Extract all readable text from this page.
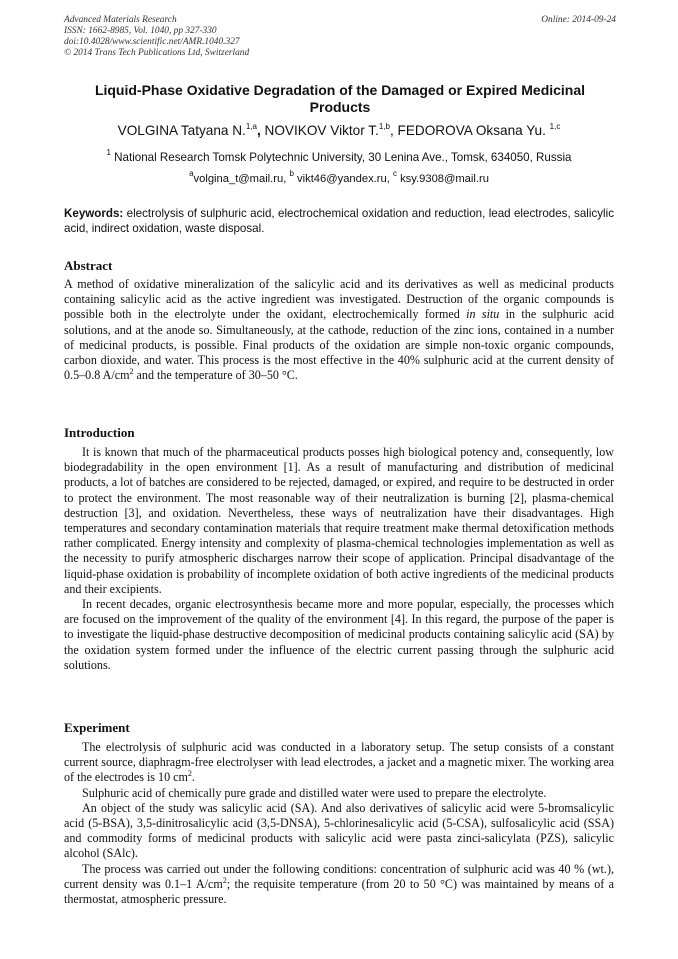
Advanced Materials Research
ISSN: 1662-8985, Vol. 1040, pp 327-330
doi:10.4028/www.scientific.net/AMR.1040.327
© 2014 Trans Tech Publications Ltd, Switzerland
Online: 2014-09-24
Liquid-Phase Oxidative Degradation of the Damaged or Expired Medicinal Products
VOLGINA Tatyana N.$^{1,a}$, NOVIKOV Viktor T.$^{1,b}$, FEDOROVA Oksana Yu. $^{1,c}$
$^1$ National Research Tomsk Polytechnic University, 30 Lenina Ave., Tomsk, 634050, Russia
$^a$volgina_t@mail.ru, $^b$ vikt46@yandex.ru, $^c$ ksy.9308@mail.ru
Keywords: electrolysis of sulphuric acid, electrochemical oxidation and reduction, lead electrodes, salicylic acid, indirect oxidation, waste disposal.
Abstract

A method of oxidative mineralization of the salicylic acid and its derivatives as well as medicinal products containing salicylic acid as the active ingredient was investigated. Destruction of the organic compounds is possible both in the electrolyte under the oxidant, electrochemically formed in situ in the sulphuric acid solutions, and at the anode so. Simultaneously, at the cathode, reduction of the zinc ions, contained in a number of medicinal products, is possible. Final products of the oxidation are simple non-toxic organic compounds, carbon dioxide, and water. This process is the most effective in the 40% sulphuric acid at the current density of 0.5–0.8 $A/cm^2$ and the temperature of 30–50 °C.

Introduction

It is known that much of the pharmaceutical products posses high biological potency and, consequently, low biodegradability in the open environment [1]. As a result of manufacturing and distribution of medicinal products, a lot of batches are considered to be rejected, damaged, or expired, and require to be destructed in order to protect the environment. The most reasonable way of their neutralization is burning [2], plasma-chemical destruction [3], and oxidation. Nevertheless, these ways of neutralization have their disadvantages. High temperatures and secondary contamination materials that require treatment make thermal detoxification methods rather complicated. Energy intensity and complexity of plasma-chemical technologies implementation as well as the necessity to purify atmospheric discharges narrow their scope of application. Principal disadvantage of the liquid-phase oxidation is probability of incomplete oxidation of both active ingredients of the medicinal products and their excipients.

In recent decades, organic electrosynthesis became more and more popular, especially, the processes which are focused on the improvement of the quality of the environment [4]. In this regard, the purpose of the paper is to investigate the liquid-phase destructive decomposition of medicinal products containing salicylic acid (SA) by the oxidation system formed under the influence of the electric current passing through the sulphuric acid solutions.

Experiment

The electrolysis of sulphuric acid was conducted in a laboratory setup. The setup consists of a constant current source, diaphragm-free electrolyser with lead electrodes, a jacket and a magnetic mixer. The working area of the electrodes is 10 $cm^2$.

Sulphuric acid of chemically pure grade and distilled water were used to prepare the electrolyte.

An object of the study was salicylic acid (SA). And also derivatives of salicylic acid were 5-bromsalicylic acid (5-BSA), 3,5-dinitrosalicylic acid (3,5-DNSA), 5-chlorinesalicylic acid (5-CSA), sulfosalicylic acid (SSA) and commodity forms of medicinal products with salicylic acid were pasta zinci-salicylata (PZS), salicylic alcohol (SAlc).

The process was carried out under the following conditions: concentration of sulphuric acid was 40 % (wt.), current density was 0.1–1 $A/cm^2$; the requisite temperature (from 20 to 50 °C) was maintained by means of a thermostat, atmospheric pressure.
